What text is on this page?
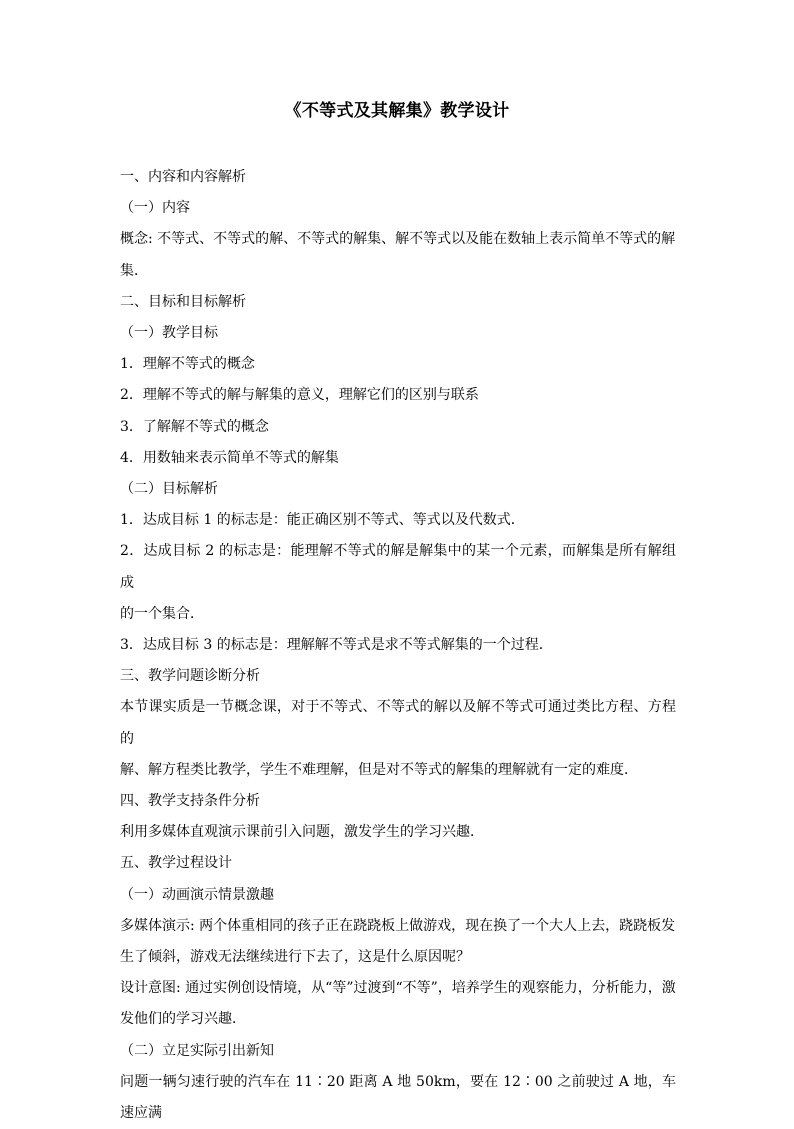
《不等式及其解集》教学设计

一、内容和内容解析

（一）内容

概念: 不等式、不等式的解、不等式的解集、解不等式以及能在数轴上表示简单不等式的解

集．

二、目标和目标解析

（一）教学目标

1．理解不等式的概念

2．理解不等式的解与解集的意义，理解它们的区别与联系

3．了解解不等式的概念

4．用数轴来表示简单不等式的解集

（二）目标解析

1．达成目标 1 的标志是：能正确区别不等式、等式以及代数式．

2．达成目标 2 的标志是：能理解不等式的解是解集中的某一个元素，而解集是所有解组成

的一个集合．

3．达成目标 3 的标志是：理解解不等式是求不等式解集的一个过程．

三、教学问题诊断分析

本节课实质是一节概念课，对于不等式、不等式的解以及解不等式可通过类比方程、方程的

解、解方程类比教学，学生不难理解，但是对不等式的解集的理解就有一定的难度．

四、教学支持条件分析

利用多媒体直观演示课前引入问题，激发学生的学习兴趣．

五、教学过程设计

（一）动画演示情景激趣

多媒体演示: 两个体重相同的孩子正在跷跷板上做游戏，现在换了一个大人上去，跷跷板发

生了倾斜，游戏无法继续进行下去了，这是什么原因呢？

设计意图: 通过实例创设情境，从“等”过渡到“不等”，培养学生的观察能力，分析能力，激

发他们的学习兴趣．

（二）立足实际引出新知

问题一辆匀速行驶的汽车在 11∶20 距离 A 地 50km，要在 12∶00 之前驶过 A 地，车速应满
